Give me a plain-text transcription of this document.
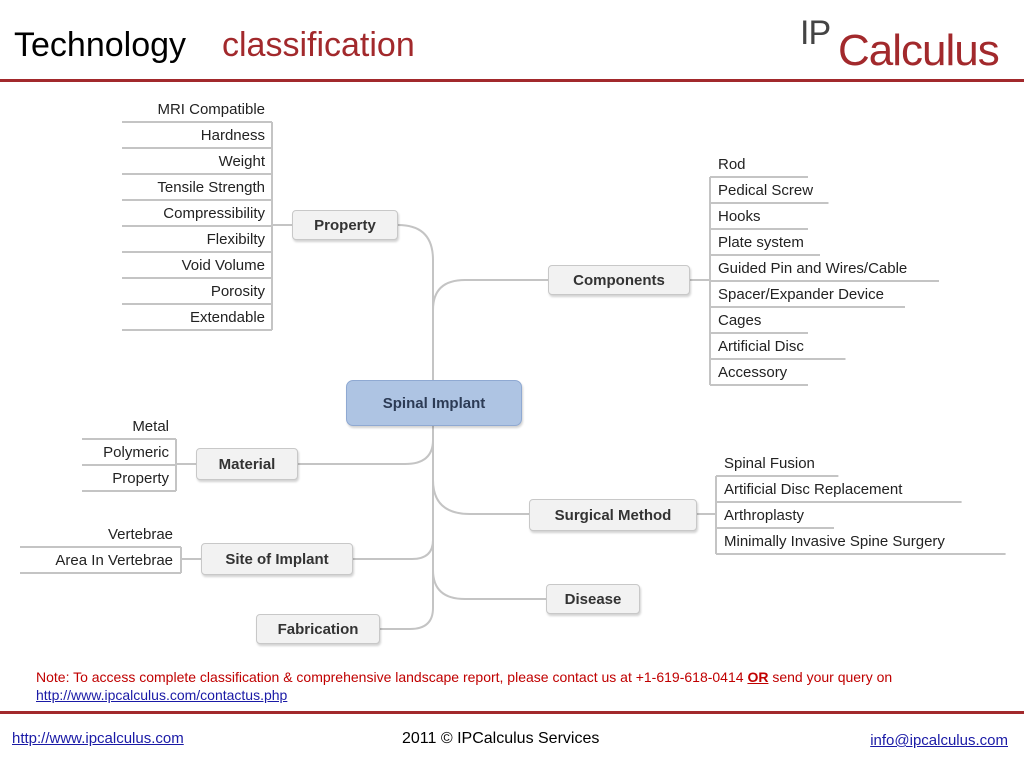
Technology classification	IP Calculus
Spinal Implant
Property
Material
Site of Implant
Fabrication
Components
Surgical Method
Disease
MRI Compatible
Hardness
Weight
Tensile Strength
Compressibility
Flexibilty
Void Volume
Porosity
Extendable
Metal
Polymeric
Property
Vertebrae
Area In Vertebrae
Rod
Pedical Screw
Hooks
Plate system
Guided Pin and Wires/Cable
Spacer/Expander Device
Cages
Artificial Disc
Accessory
Spinal Fusion
Artificial Disc Replacement
Arthroplasty
Minimally Invasive Spine Surgery
Note: To access complete classification & comprehensive landscape report, please contact us at +1-619-618-0414 OR send your query on http://www.ipcalculus.com/contactus.php
http://www.ipcalculus.com	2011 © IPCalculus Services	info@ipcalculus.com
